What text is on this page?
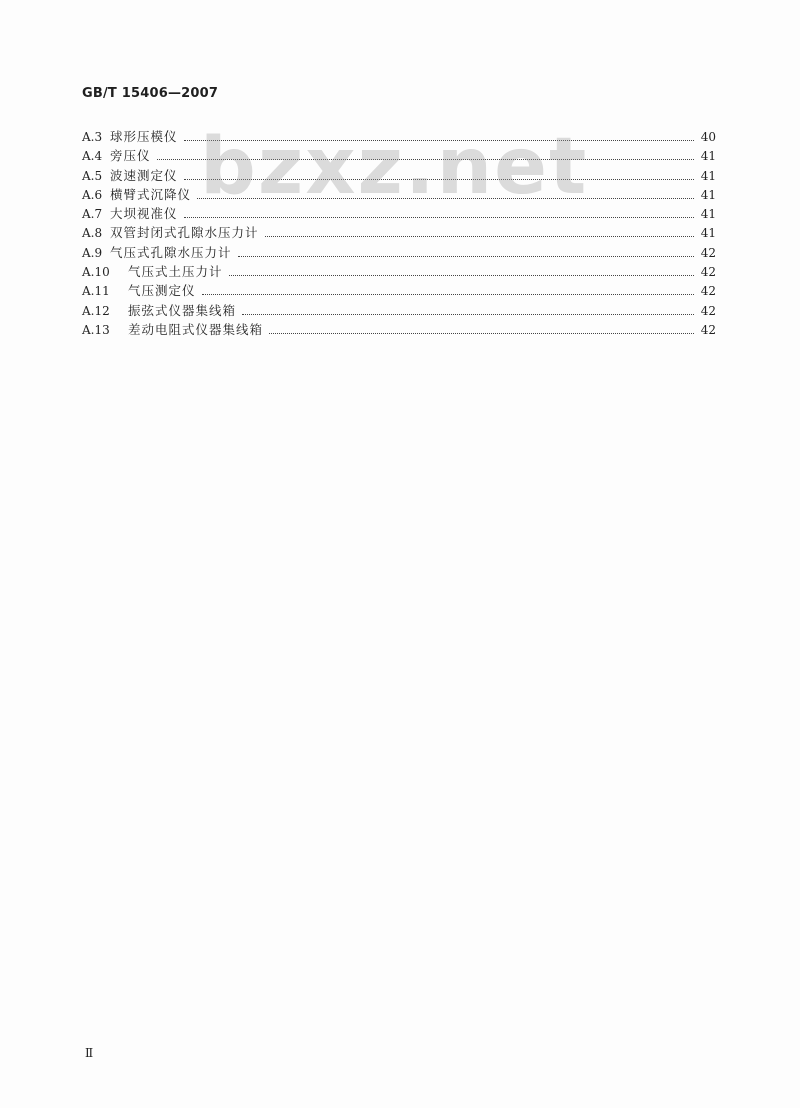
GB/T 15406—2007
bzxz.net
A.3 球形压模仪	40
A.4 旁压仪	41
A.5 波速测定仪	41
A.6 横臂式沉降仪	41
A.7 大坝视准仪	41
A.8 双管封闭式孔隙水压力计	41
A.9 气压式孔隙水压力计	42
A.10	气压式土压力计	42
A.11	气压测定仪	42
A.12	振弦式仪器集线箱	42
A.13	差动电阻式仪器集线箱	42
Ⅱ
